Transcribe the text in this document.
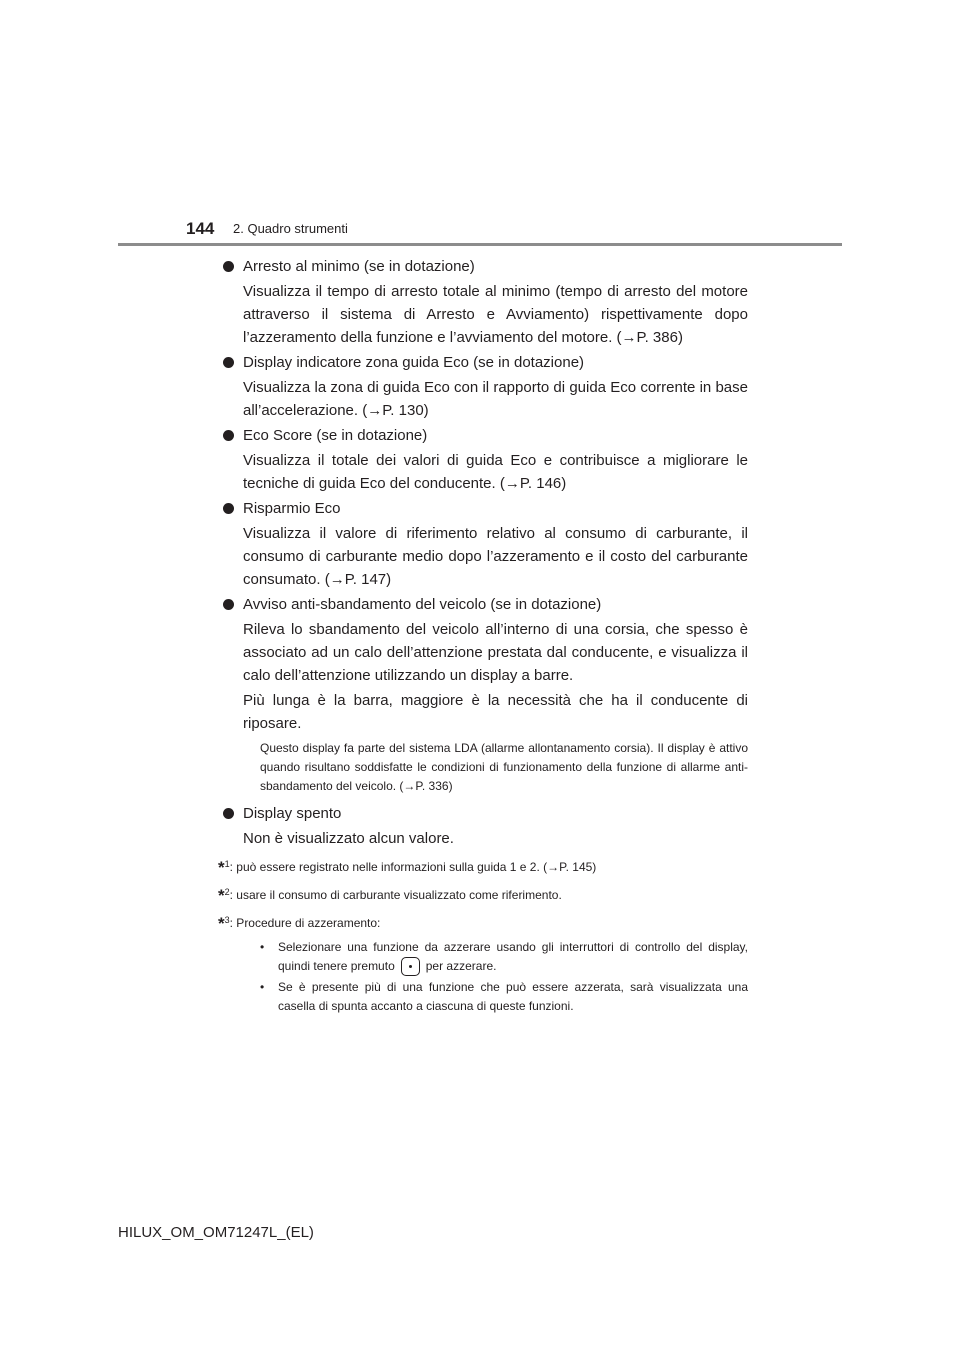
144 2. Quadro strumenti
Arresto al minimo (se in dotazione)
Visualizza il tempo di arresto totale al minimo (tempo di arresto del motore attraverso il sistema di Arresto e Avviamento) rispettivamente dopo l’azzeramento della funzione e l’avviamento del motore. (→P. 386)
Display indicatore zona guida Eco (se in dotazione)
Visualizza la zona di guida Eco con il rapporto di guida Eco corrente in base all’accelerazione. (→P. 130)
Eco Score (se in dotazione)
Visualizza il totale dei valori di guida Eco e contribuisce a migliorare le tecniche di guida Eco del conducente. (→P. 146)
Risparmio Eco
Visualizza il valore di riferimento relativo al consumo di carburante, il consumo di carburante medio dopo l’azzeramento e il costo del carburante consumato. (→P. 147)
Avviso anti-sbandamento del veicolo (se in dotazione)
Rileva lo sbandamento del veicolo all’interno di una corsia, che spesso è associato ad un calo dell’attenzione prestata dal conducente, e visualizza il calo dell’attenzione utilizzando un display a barre.
Più lunga è la barra, maggiore è la necessità che ha il conducente di riposare.
Questo display fa parte del sistema LDA (allarme allontanamento corsia). Il display è attivo quando risultano soddisfatte le condizioni di funzionamento della funzione di allarme anti-sbandamento del veicolo. (→P. 336)
Display spento
Non è visualizzato alcun valore.
*$^1$: può essere registrato nelle informazioni sulla guida 1 e 2. (→P. 145)
*$^2$: usare il consumo di carburante visualizzato come riferimento.
*$^3$: Procedure di azzeramento:
• Selezionare una funzione da azzerare usando gli interruttori di controllo del display, quindi tenere premuto	per azzerare.
• Se è presente più di una funzione che può essere azzerata, sarà visualizzata una casella di spunta accanto a ciascuna di queste funzioni.
HILUX_OM_OM71247L_(EL)
